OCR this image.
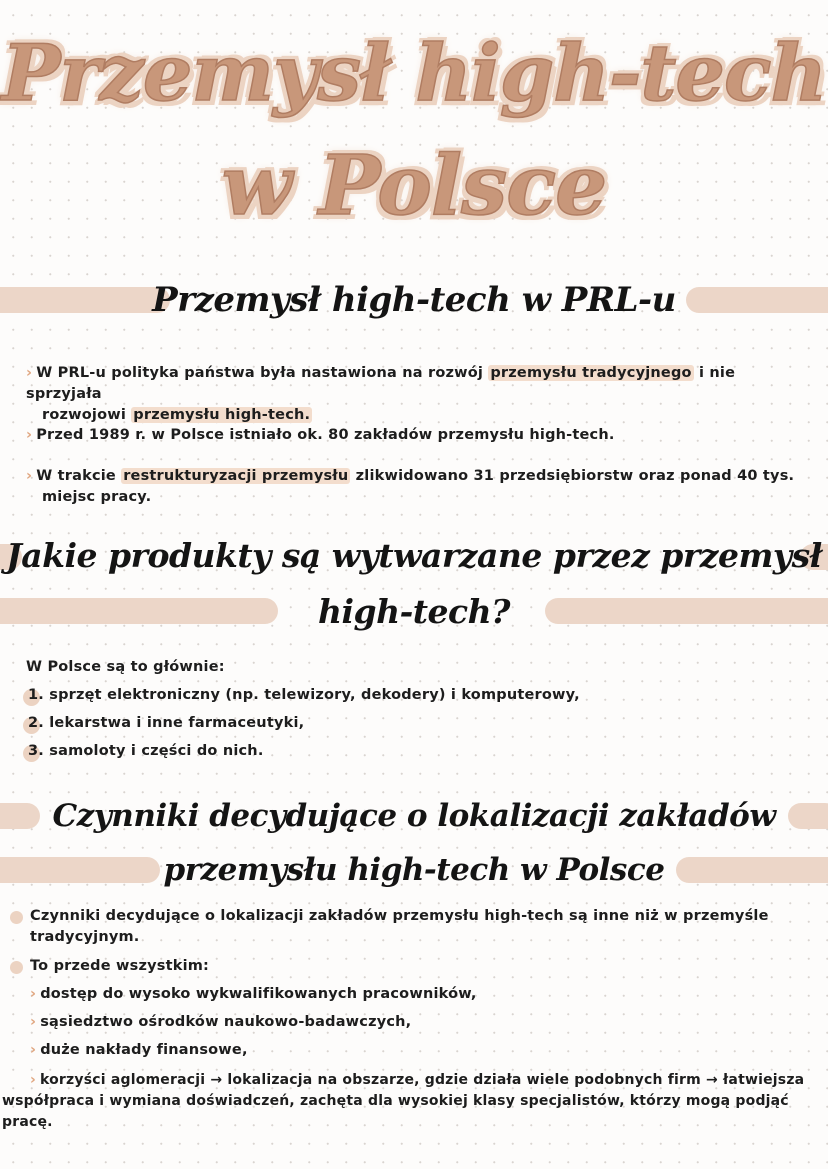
Przemysł high-tech
w Polsce
Przemysł high-tech w PRL-u
› W PRL-u polityka państwa była nastawiona na rozwój przemysłu tradycyjnego i nie sprzyjała
rozwojowi przemysłu high-tech.
› Przed 1989 r. w Polsce istniało ok. 80 zakładów przemysłu high-tech.
› W trakcie restrukturyzacji przemysłu zlikwidowano 31 przedsiębiorstw oraz ponad 40 tys.
miejsc pracy.
Jakie produkty są wytwarzane przez przemysł
high-tech?
W Polsce są to głównie:
1. sprzęt elektroniczny (np. telewizory, dekodery) i komputerowy,
2. lekarstwa i inne farmaceutyki,
3. samoloty i części do nich.
Czynniki decydujące o lokalizacji zakładów
przemysłu high-tech w Polsce
Czynniki decydujące o lokalizacji zakładów przemysłu high-tech są inne niż w przemyśle
tradycyjnym.
To przede wszystkim:
› dostęp do wysoko wykwalifikowanych pracowników,
› sąsiedztwo ośrodków naukowo-badawczych,
› duże nakłady finansowe,
› korzyści aglomeracji → lokalizacja na obszarze, gdzie działa wiele podobnych firm → łatwiejsza
współpraca i wymiana doświadczeń, zachęta dla wysokiej klasy specjalistów, którzy mogą podjąć
pracę.
